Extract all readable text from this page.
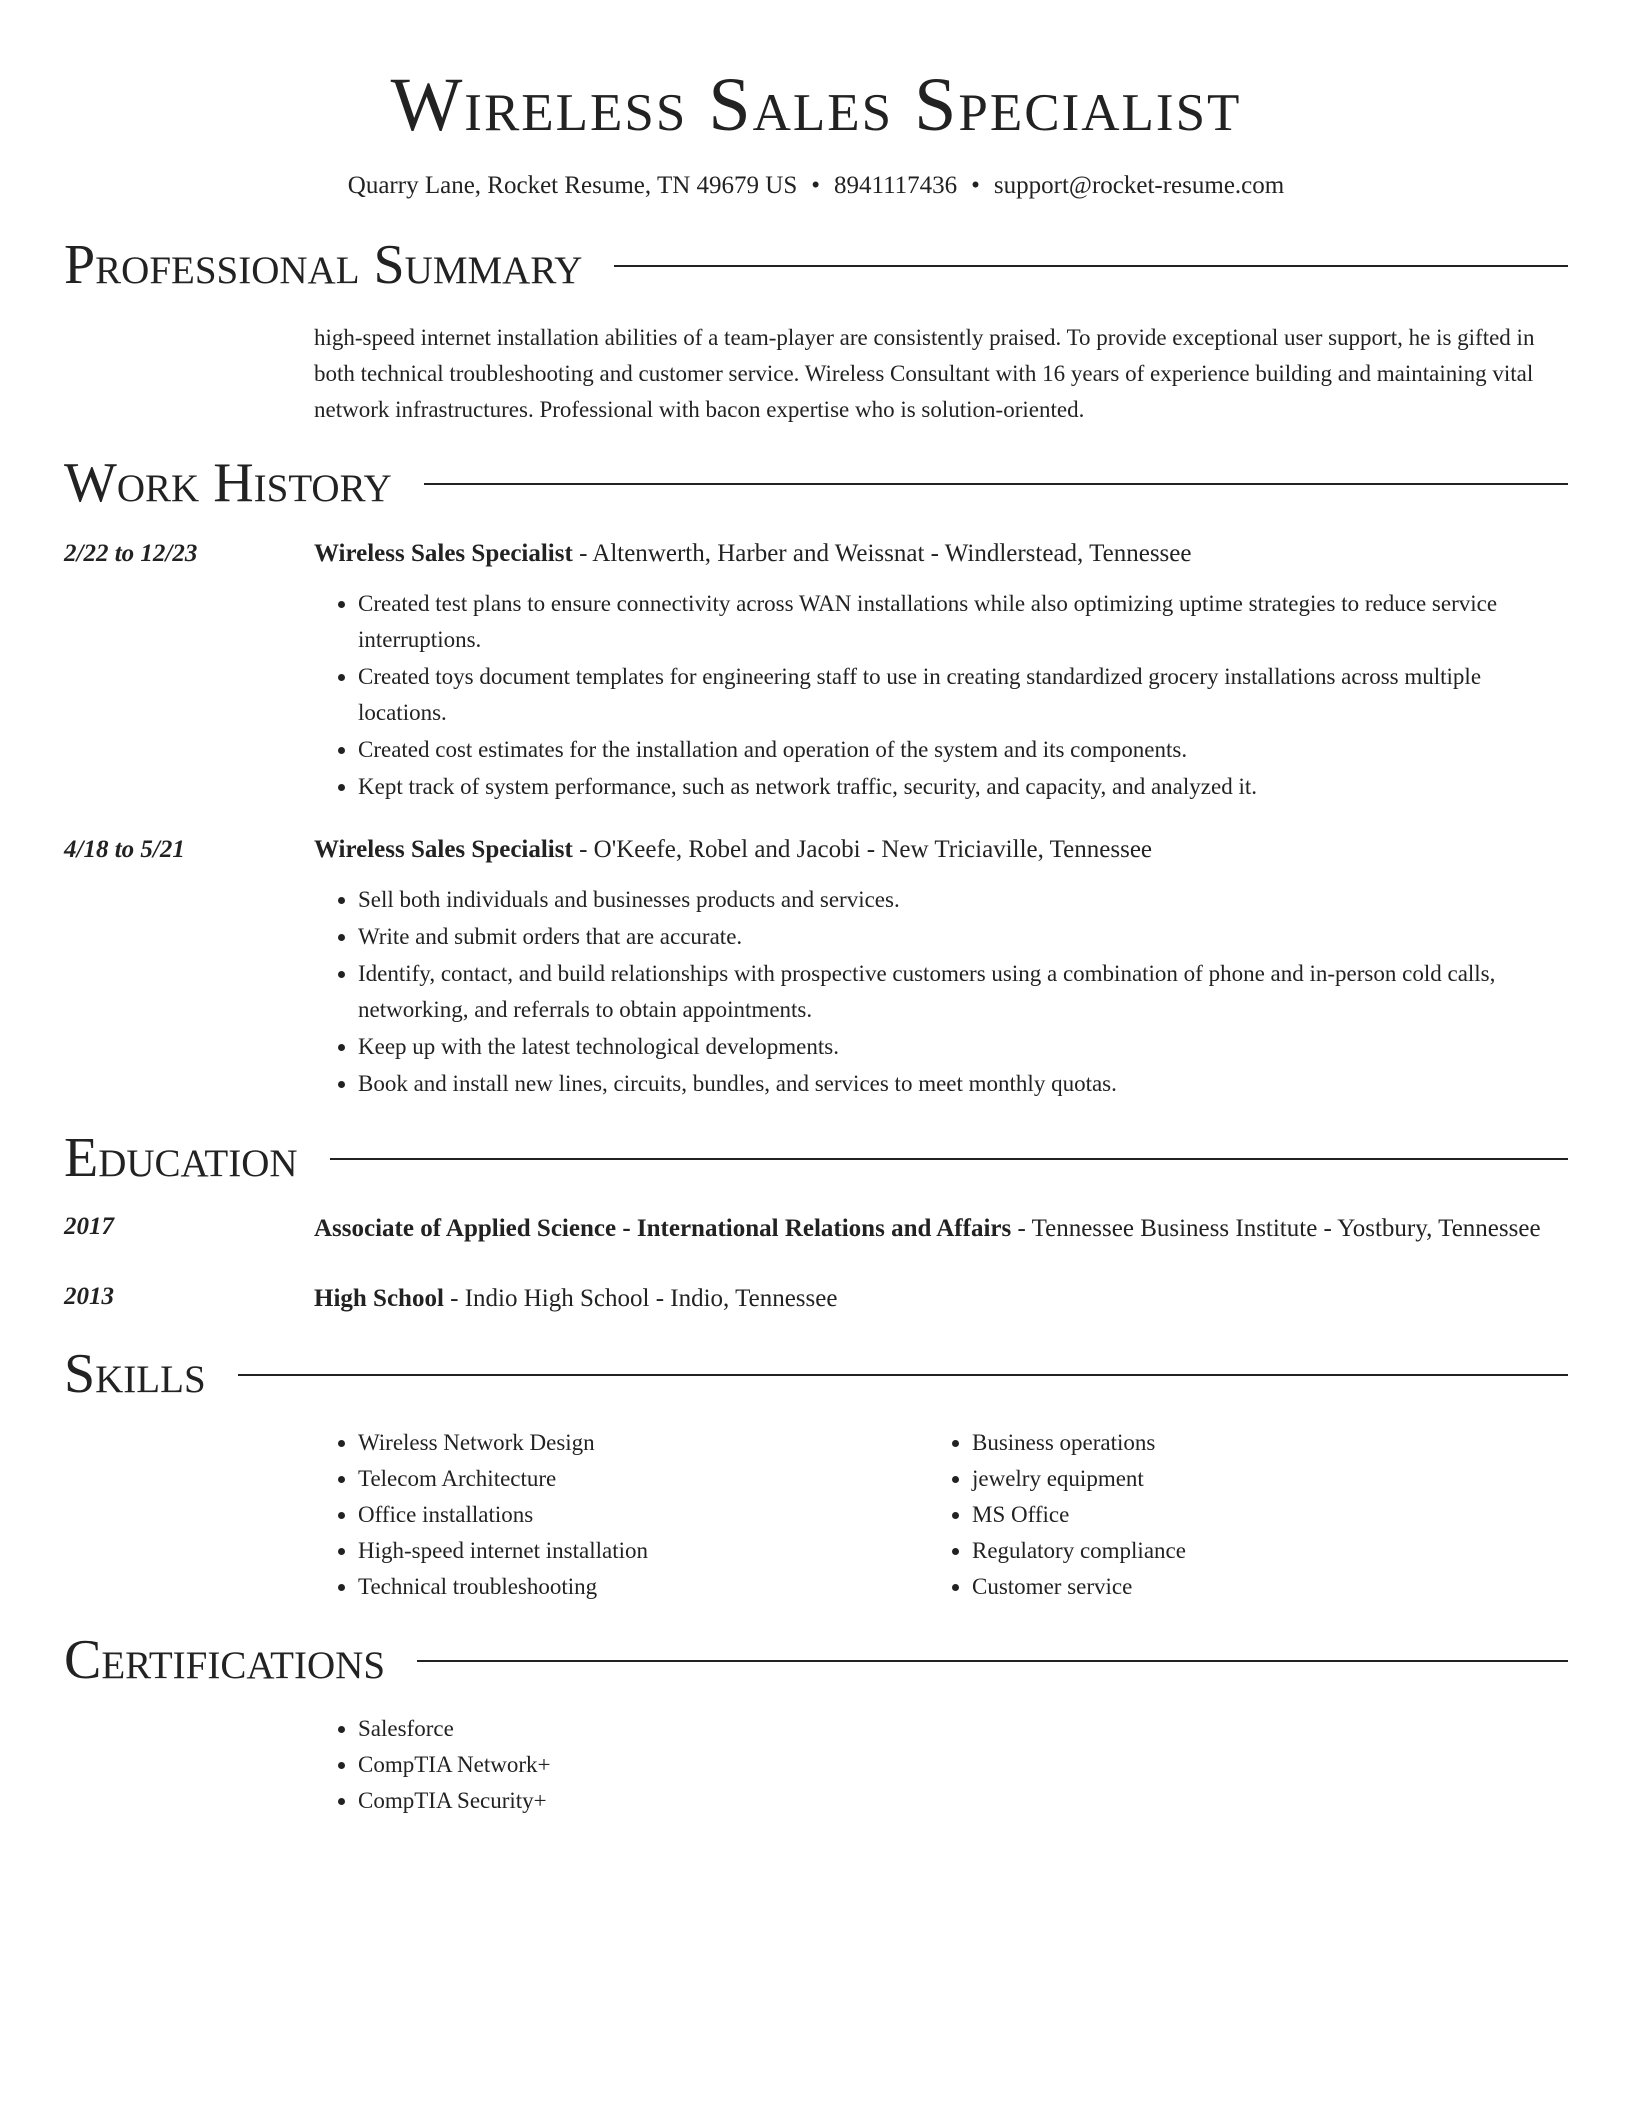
Wireless Sales Specialist
Quarry Lane, Rocket Resume, TN 49679 US • 8941117436 • support@rocket-resume.com
Professional Summary
high-speed internet installation abilities of a team-player are consistently praised. To provide exceptional user support, he is gifted in both technical troubleshooting and customer service. Wireless Consultant with 16 years of experience building and maintaining vital network infrastructures. Professional with bacon expertise who is solution-oriented.
Work History
2/22 to 12/23	Wireless Sales Specialist - Altenwerth, Harber and Weissnat - Windlerstead, Tennessee
• Created test plans to ensure connectivity across WAN installations while also optimizing uptime strategies to reduce service interruptions.
• Created toys document templates for engineering staff to use in creating standardized grocery installations across multiple locations.
• Created cost estimates for the installation and operation of the system and its components.
• Kept track of system performance, such as network traffic, security, and capacity, and analyzed it.
4/18 to 5/21	Wireless Sales Specialist - O'Keefe, Robel and Jacobi - New Triciaville, Tennessee
• Sell both individuals and businesses products and services.
• Write and submit orders that are accurate.
• Identify, contact, and build relationships with prospective customers using a combination of phone and in-person cold calls, networking, and referrals to obtain appointments.
• Keep up with the latest technological developments.
• Book and install new lines, circuits, bundles, and services to meet monthly quotas.
Education
2017	Associate of Applied Science - International Relations and Affairs - Tennessee Business Institute - Yostbury, Tennessee
2013	High School - Indio High School - Indio, Tennessee
Skills
• Wireless Network Design
• Telecom Architecture
• Office installations
• High-speed internet installation
• Technical troubleshooting
• Business operations
• jewelry equipment
• MS Office
• Regulatory compliance
• Customer service
Certifications
• Salesforce
• CompTIA Network+
• CompTIA Security+
